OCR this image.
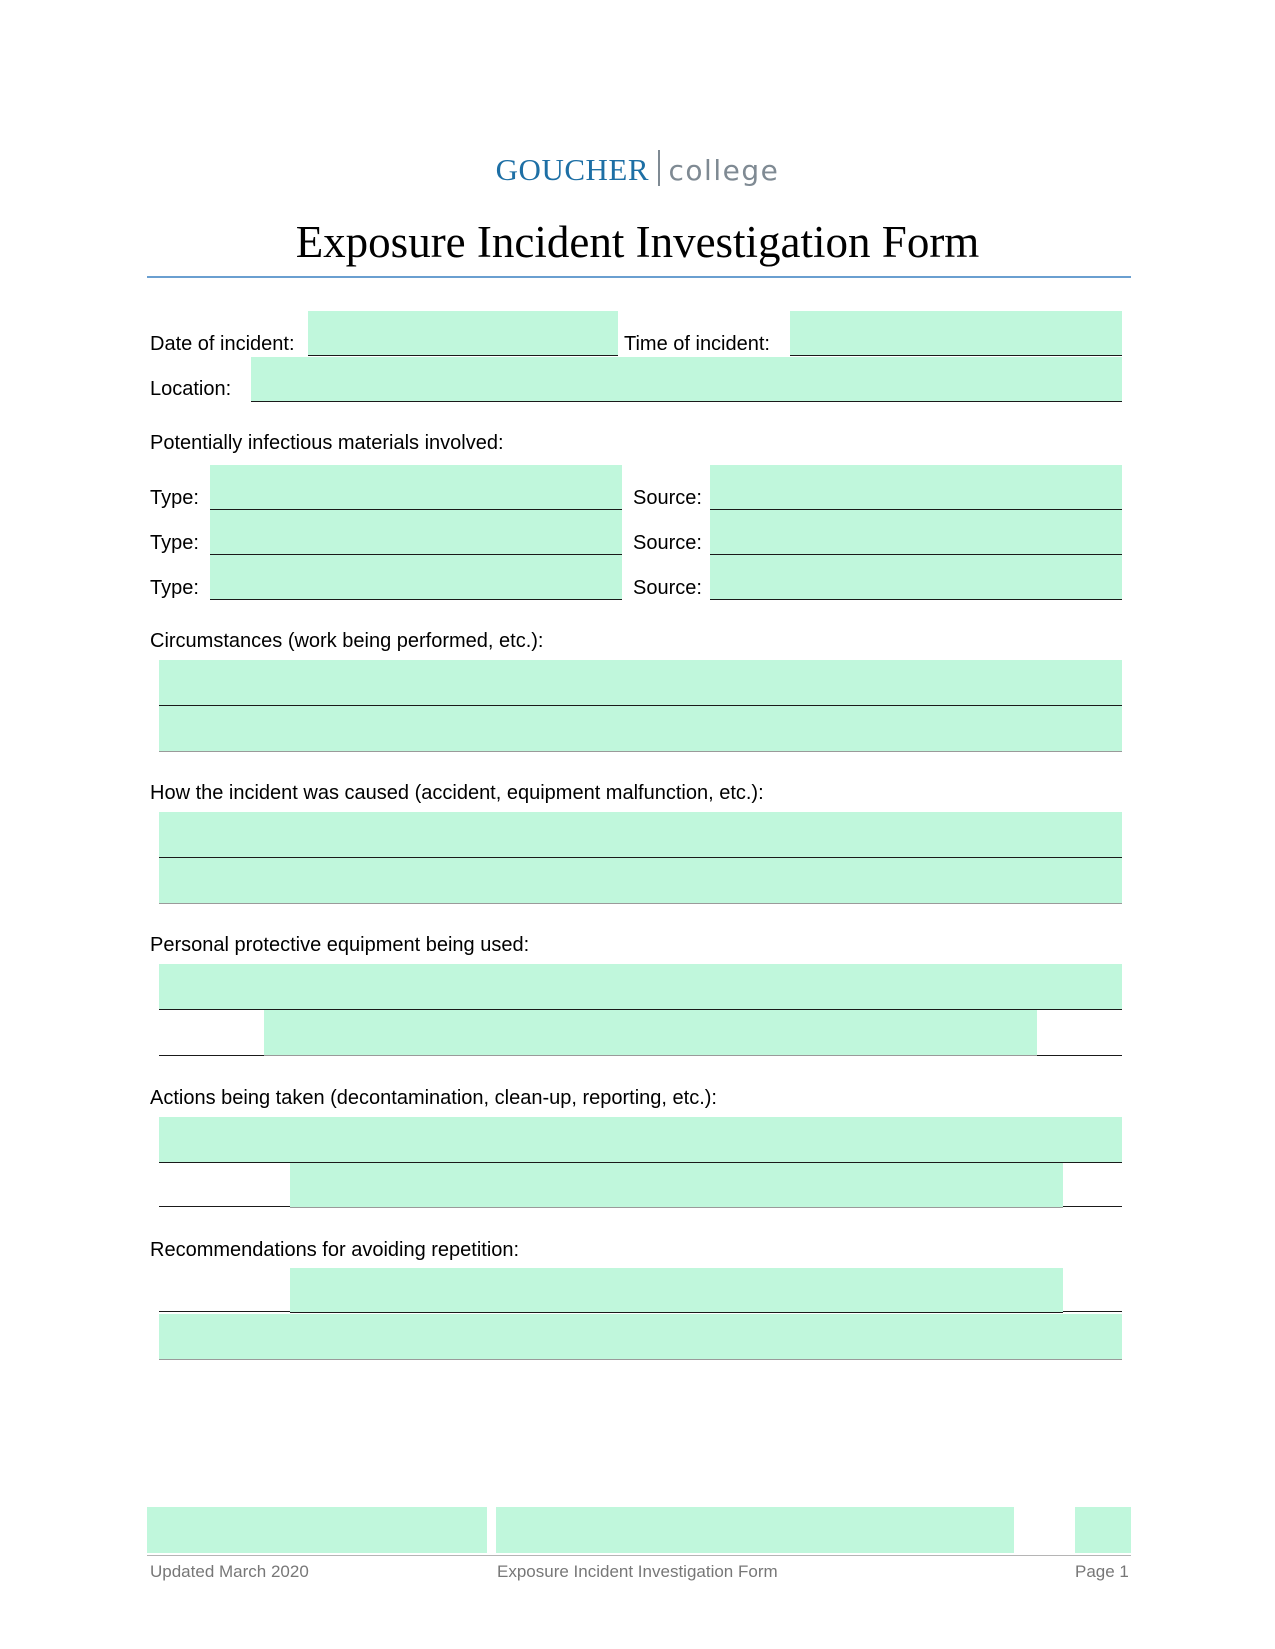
GOUCHER college
Exposure Incident Investigation Form
Date of incident:	Time of incident:
Location:
Potentially infectious materials involved:
Type:	Source:
Type:	Source:
Type:	Source:
Circumstances (work being performed, etc.):
How the incident was caused (accident, equipment malfunction, etc.):
Personal protective equipment being used:
Actions being taken (decontamination, clean-up, reporting, etc.):
Recommendations for avoiding repetition:
Updated March 2020	Exposure Incident Investigation Form	Page 1
